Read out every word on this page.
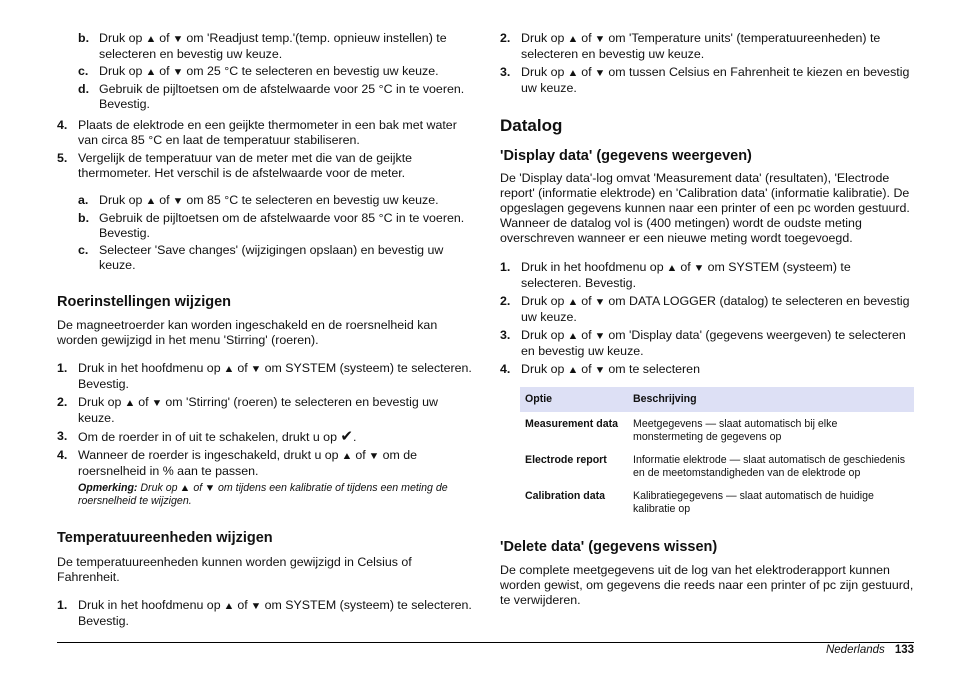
b. Druk op ▲ of ▼ om 'Readjust temp.'(temp. opnieuw instellen) te selecteren en bevestig uw keuze.
c. Druk op ▲ of ▼ om 25 °C te selecteren en bevestig uw keuze.
d. Gebruik de pijltoetsen om de afstelwaarde voor 25 °C in te voeren. Bevestig.
4. Plaats de elektrode en een geijkte thermometer in een bak met water van circa 85 °C en laat de temperatuur stabiliseren.
5. Vergelijk de temperatuur van de meter met die van de geijkte thermometer. Het verschil is de afstelwaarde voor de meter.
a. Druk op ▲ of ▼ om 85 °C te selecteren en bevestig uw keuze.
b. Gebruik de pijltoetsen om de afstelwaarde voor 85 °C in te voeren. Bevestig.
c. Selecteer 'Save changes' (wijzigingen opslaan) en bevestig uw keuze.
Roerinstellingen wijzigen

De magneetroerder kan worden ingeschakeld en de roersnelheid kan worden gewijzigd in het menu 'Stirring' (roeren).

1. Druk in het hoofdmenu op ▲ of ▼ om SYSTEM (systeem) te selecteren. Bevestig.
2. Druk op ▲ of ▼ om 'Stirring' (roeren) te selecteren en bevestig uw keuze.
3. Om de roerder in of uit te schakelen, drukt u op ✔.
4. Wanneer de roerder is ingeschakeld, drukt u op ▲ of ▼ om de roersnelheid in % aan te passen.

Opmerking: Druk op ▲ of ▼ om tijdens een kalibratie of tijdens een meting de roersnelheid te wijzigen.

Temperatuureenheden wijzigen

De temperatuureenheden kunnen worden gewijzigd in Celsius of Fahrenheit.

1. Druk in het hoofdmenu op ▲ of ▼ om SYSTEM (systeem) te selecteren. Bevestig.
2. Druk op ▲ of ▼ om 'Temperature units' (temperatuureenheden) te selecteren en bevestig uw keuze.
3. Druk op ▲ of ▼ om tussen Celsius en Fahrenheit te kiezen en bevestig uw keuze.
Datalog
'Display data' (gegevens weergeven)

De 'Display data'-log omvat 'Measurement data' (resultaten), 'Electrode report' (informatie elektrode) en 'Calibration data' (informatie kalibratie). De opgeslagen gegevens kunnen naar een printer of een pc worden gestuurd. Wanneer de datalog vol is (400 metingen) wordt de oudste meting overschreven wanneer er een nieuwe meting wordt toegevoegd.

1. Druk in het hoofdmenu op ▲ of ▼ om SYSTEM (systeem) te selecteren. Bevestig.
2. Druk op ▲ of ▼ om DATA LOGGER (datalog) te selecteren en bevestig uw keuze.
3. Druk op ▲ of ▼ om 'Display data' (gegevens weergeven) te selecteren en bevestig uw keuze.
4. Druk op ▲ of ▼ om te selecteren
Optie	Beschrijving
Measurement data	Meetgegevens — slaat automatisch bij elke monstermeting de gegevens op
Electrode report	Informatie elektrode — slaat automatisch de geschiedenis en de meetomstandigheden van de elektrode op
Calibration data	Kalibratiegegevens — slaat automatisch de huidige kalibratie op
'Delete data' (gegevens wissen)

De complete meetgegevens uit de log van het elektroderapport kunnen worden gewist, om gegevens die reeds naar een printer of pc zijn gestuurd, te verwijderen.

Nederlands 133
